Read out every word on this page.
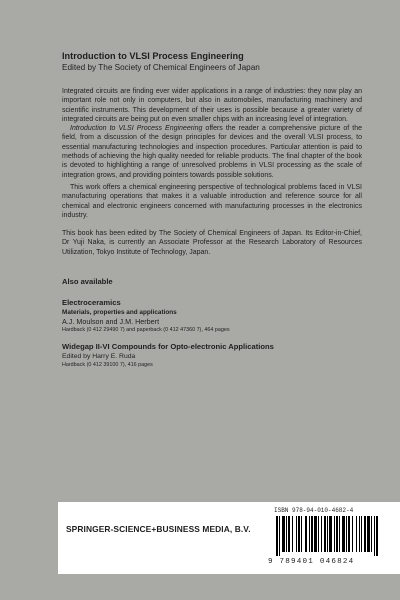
Introduction to VLSI Process Engineering

Edited by The Society of Chemical Engineers of Japan

Integrated circuits are finding ever wider applications in a range of industries: they now play an important role not only in computers, but also in automobiles, manufacturing machinery and scientific instruments. This development of their uses is possible because a greater variety of integrated circuits are being put on even smaller chips with an increasing level of integration.

Introduction to VLSI Process Engineering offers the reader a comprehensive picture of the field, from a discussion of the design principles for devices and the overall VLSI process, to essential manufacturing technologies and inspection procedures. Particular attention is paid to methods of achieving the high quality needed for reliable products. The final chapter of the book is devoted to highlighting a range of unresolved problems in VLSI processing as the scale of integration grows, and providing pointers towards possible solutions.

This work offers a chemical engineering perspective of technological problems faced in VLSI manufacturing operations that makes it a valuable introduction and reference source for all chemical and electronic engineers concerned with manufacturing processes in the electronics industry.

This book has been edited by The Society of Chemical Engineers of Japan. Its Editor-in-Chief, Dr Yuji Naka, is currently an Associate Professor at the Research Laboratory of Resources Utilization, Tokyo Institute of Technology, Japan.

Also available
Electroceramics
Materials, properties and applications
A.J. Moulson and J.M. Herbert
Hardback (0 412 29490 7) and paperback (0 412 47360 7), 464 pages
Widegap II-VI Compounds for Opto-electronic Applications
Edited by Harry E. Ruda
Hardback (0 412 39100 7), 416 pages
SPRINGER-SCIENCE+BUSINESS MEDIA, B.V.
ISBN 978-94-010-4682-4
9 789401 046824
